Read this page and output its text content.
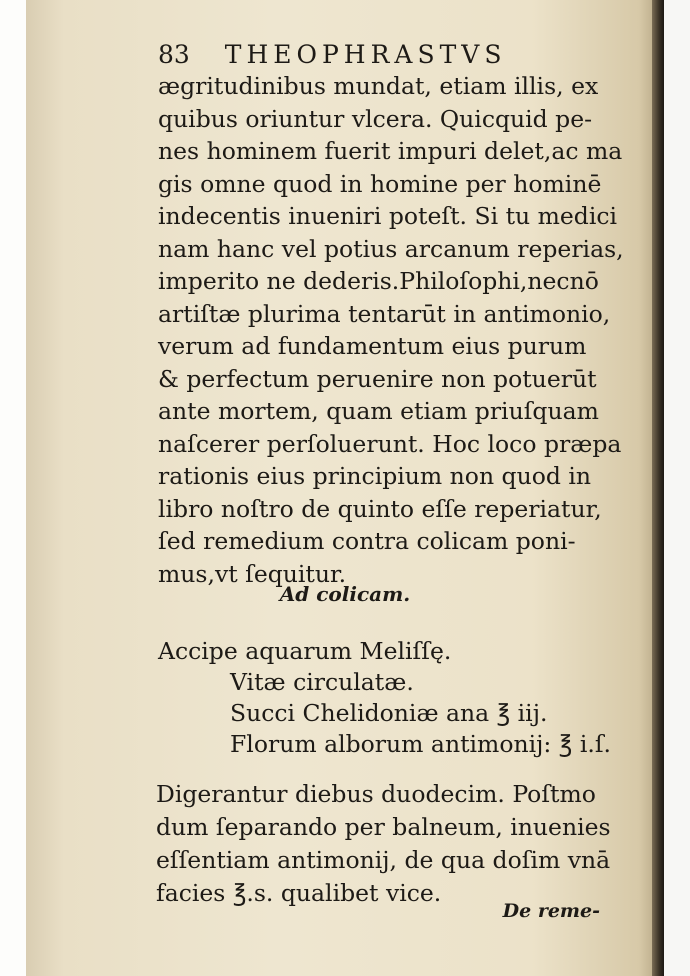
83 THEOPHRASTVS
ægritudinibus mundat, etiam illis, ex
quibus oriuntur vlcera. Quicquid pe-
nes hominem fuerit impuri delet,ac ma
gis omne quod in homine per hominē
indecentis inueniri poteſt. Si tu medici
nam hanc vel potius arcanum reperias,
imperito ne dederis.Philoſophi,necnō
artiſtæ plurima tentarūt in antimonio,
verum ad fundamentum eius purum
& perfectum peruenire non potuerūt
ante mortem, quam etiam priuſquam
naſcerer perſoluerunt. Hoc loco præpa
rationis eius principium non quod in
libro noſtro de quinto eſſe reperiatur,
ſed remedium contra colicam poni-
mus,vt ſequitur.
Ad colicam.
Accipe aquarum Meliſſę.
Vitæ circulatæ.
Succi Chelidoniæ ana ℥ iij.
Florum alborum antimonij: ℥ i.ſ.
Digerantur diebus duodecim. Poſtmo
dum ſeparando per balneum, inuenies
eſſentiam antimonij, de qua doſim vnā
facies ℥.s. qualibet vice.
De reme-
